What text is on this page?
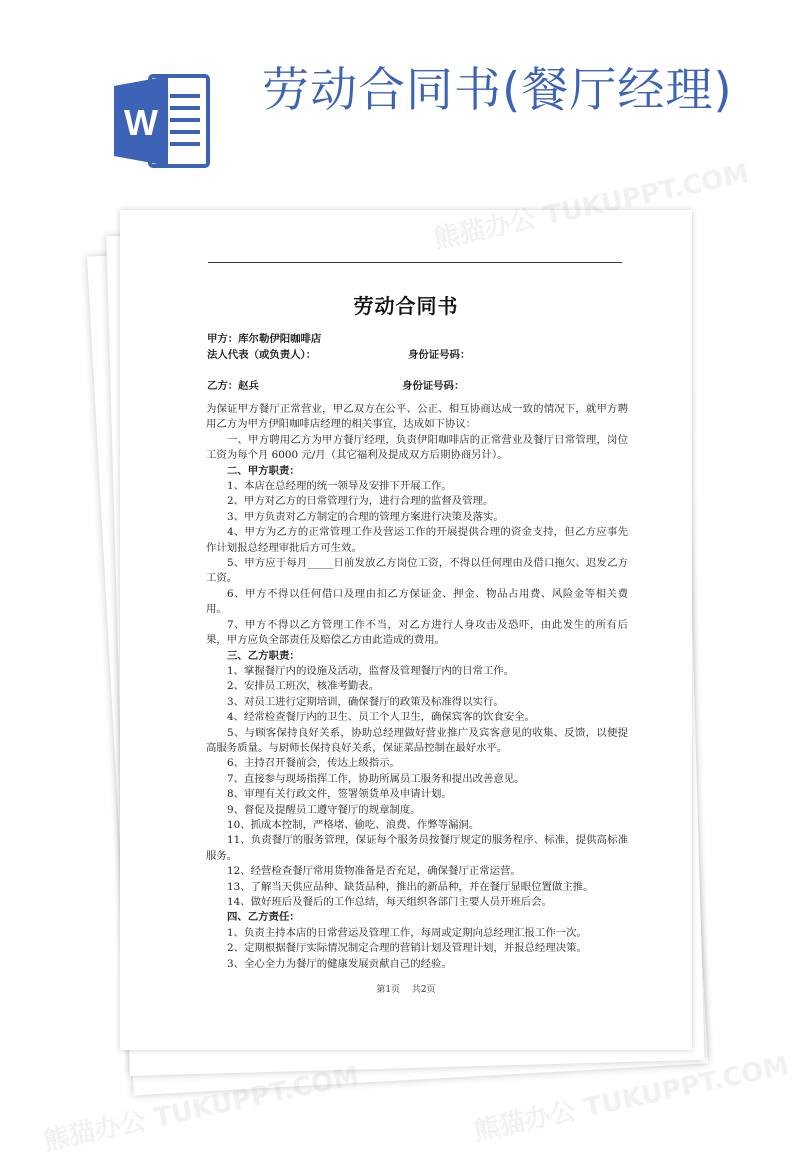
W
劳动合同书(餐厅经理)
劳动合同书
甲方：库尔勒伊阳咖啡店
法人代表（或负责人）：	身份证号码：
乙方：赵兵	身份证号码：

为保证甲方餐厅正常营业，甲乙双方在公平、公正、相互协商达成一致的情况下，就甲方聘用乙方为甲方伊阳咖啡店经理的相关事宜，达成如下协议：

一、甲方聘用乙方为甲方餐厅经理，负责伊阳咖啡店的正常营业及餐厅日常管理，岗位工资为每个月 6000 元/月（其它福利及提成双方后期协商另计）。

二、甲方职责：

1、本店在总经理的统一领导及安排下开展工作。

2、甲方对乙方的日常管理行为，进行合理的监督及管理。

3、甲方负责对乙方制定的合理的管理方案进行决策及落实。

4、甲方为乙方的正常管理工作及营运工作的开展提供合理的资金支持，但乙方应事先作计划报总经理审批后方可生效。

5、甲方应于每月_____日前发放乙方岗位工资，不得以任何理由及借口拖欠、迟发乙方工资。

6、甲方不得以任何借口及理由扣乙方保证金、押金、物品占用费、风险金等相关费用。

7、甲方不得以乙方管理工作不当，对乙方进行人身攻击及恐吓，由此发生的所有后果，甲方应负全部责任及赔偿乙方由此造成的费用。

三、乙方职责：

1、掌握餐厅内的设施及活动，监督及管理餐厅内的日常工作。

2、安排员工班次，核准考勤表。

3、对员工进行定期培训，确保餐厅的政策及标准得以实行。

4、经常检查餐厅内的卫生、员工个人卫生，确保宾客的饮食安全。

5、与顾客保持良好关系，协助总经理做好营业推广及宾客意见的收集、反馈，以便提高服务质量。与厨师长保持良好关系，保证菜品控制在最好水平。

6、主持召开餐前会，传达上级指示。

7、直接参与现场指挥工作，协助所属员工服务和提出改善意见。

8、审理有关行政文件，签署领货单及申请计划。

9、督促及提醒员工遵守餐厅的规章制度。

10、抓成本控制，严格堵、偷吃、浪费、作弊等漏洞。

11、负责餐厅的服务管理，保证每个服务员按餐厅规定的服务程序、标准，提供高标准服务。

12、经营检查餐厅常用货物准备是否充足，确保餐厅正常运营。

13、了解当天供应品种、缺货品种，推出的新品种，并在餐厅显眼位置做主推。

14、做好班后及餐后的工作总结，每天组织各部门主要人员开班后会。

四、乙方责任：

1、负责主持本店的日常营运及管理工作，每周或定期向总经理汇报工作一次。

2、定期根据餐厅实际情况制定合理的营销计划及管理计划，并报总经理决策。

3、全心全力为餐厅的健康发展贡献自己的经验。

第1页　 共2页
熊猫办公 TUKUPPT.COM
熊猫办公 TUKUPPT.COM	熊猫办公 TUKUPPT.COM
